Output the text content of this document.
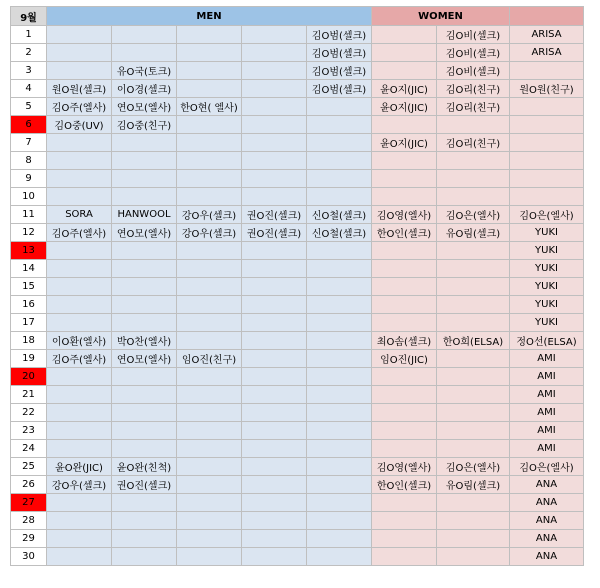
9월	MEN					WOMEN		
1					김O범(셀크)		김O비(셀크)	ARISA
2					김O범(셀크)		김O비(셀크)	ARISA
3		유O국(토크)			김O범(셀크)		김O비(셀크)	
4	원O원(셀크)	이O경(셀크)			김O범(셀크)	윤O지(JIC)	김O리(친구)	원O원(친구)
5	김O주(엘사)	연O모(엘사)	한O현( 엘사)			윤O지(JIC)	김O리(친구)	
6	김O중(UV)	김O중(친구)						
7						윤O지(JIC)	김O리(친구)	
8								
9								
10								
11	SORA	HANWOOL	강O우(셀크)	권O진(셀크)	신O철(셀크)	김O영(엘사)	김O은(엘사)	김O은(엘사)
12	김O주(엘사)	연O모(엘사)	강O우(셀크)	권O진(셀크)	신O철(셀크)	한O인(셀크)	유O림(셀크)	YUKI
13								YUKI
14								YUKI
15								YUKI
16								YUKI
17								YUKI
18	이O환(엘사)	박O찬(엘사)				최O솜(셀크)	한O희(ELSA)	정O선(ELSA)
19	김O주(엘사)	연O모(엘사)	임O진(친구)			임O진(JIC)		AMI
20								AMI
21								AMI
22								AMI
23								AMI
24								AMI
25	윤O완(JIC)	윤O완(친척)				김O영(엘사)	김O은(엘사)	김O은(엘사)
26	강O우(셀크)	권O진(셀크)				한O인(셀크)	유O림(셀크)	ANA
27								ANA
28								ANA
29								ANA
30								ANA
